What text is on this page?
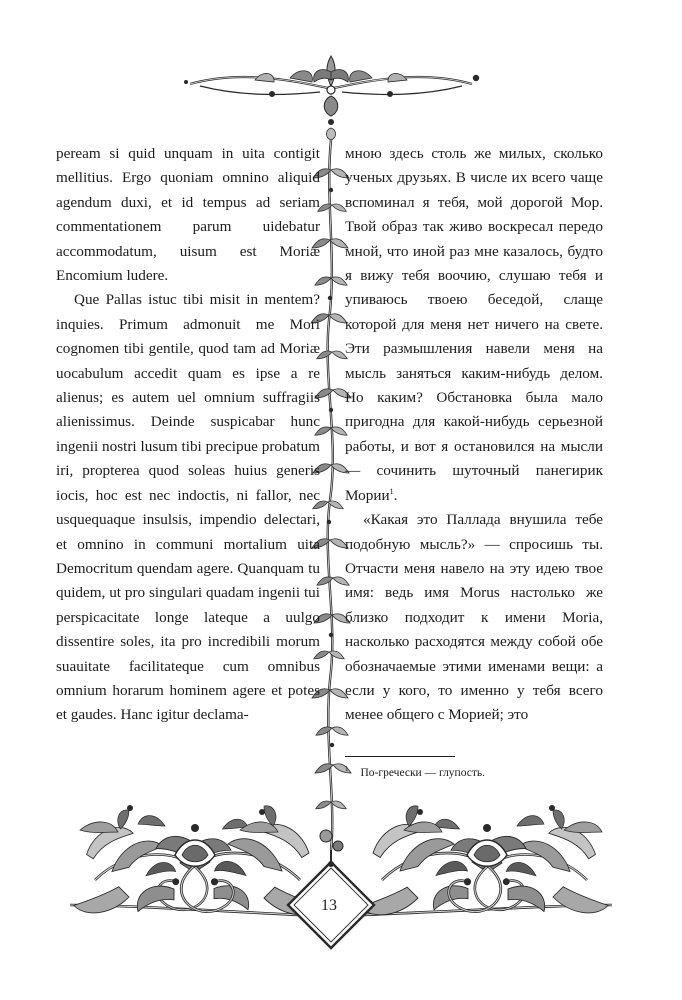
peream si quid unquam in uita contigit mellitius. Ergo quoniam omnino aliquid agendum duxi, et id tempus ad seriam commentationem parum uidebatur accommodatum, uisum est Moriæ Encomium ludere.

Que Pallas istuc tibi misit in mentem? inquies. Primum admonuit me Mori cognomen tibi gentile, quod tam ad Moriæ uocabulum accedit quam es ipse a re alienus; es autem uel omnium suffragiis alienissimus. Deinde suspicabar hunc ingenii nostri lusum tibi precipue probatum iri, propterea quod soleas huius generis iocis, hoc est nec indoctis, ni fallor, nec usquequaque insulsis, impendio delectari, et omnino in communi mortalium uita Democritum quendam agere. Quanquam tu quidem, ut pro singulari quadam ingenii tui perspicacitate longe lateque a uulgo dissentire soles, ita pro incredibili morum suauitate facilitateque cum omnibus omnium horarum hominem agere et potes et gaudes. Hanc igitur declama-

мною здесь столь же милых, сколько ученых друзьях. В числе их всего чаще вспоминал я тебя, мой дорогой Мор. Твой образ так живо воскресал передо мной, что иной раз мне казалось, будто я вижу тебя воочию, слушаю тебя и упиваюсь твоею беседой, слаще которой для меня нет ничего на свете. Эти размышления навели меня на мысль заняться каким-нибудь делом. Но каким? Обстановка была мало пригодна для какой-нибудь серьезной работы, и вот я остановился на мысли — сочинить шуточный панегирик Мории$^1$.

«Какая это Паллада внушила тебе подобную мысль?» — спросишь ты. Отчасти меня навело на эту идею твое имя: ведь имя Morus настолько же близко подходит к имени Moria, насколько расходятся между собой обе обозначаемые этими именами вещи: а если у кого, то именно у тебя всего менее общего с Морией; это

$^1$ По-гречески — глупость.
13
